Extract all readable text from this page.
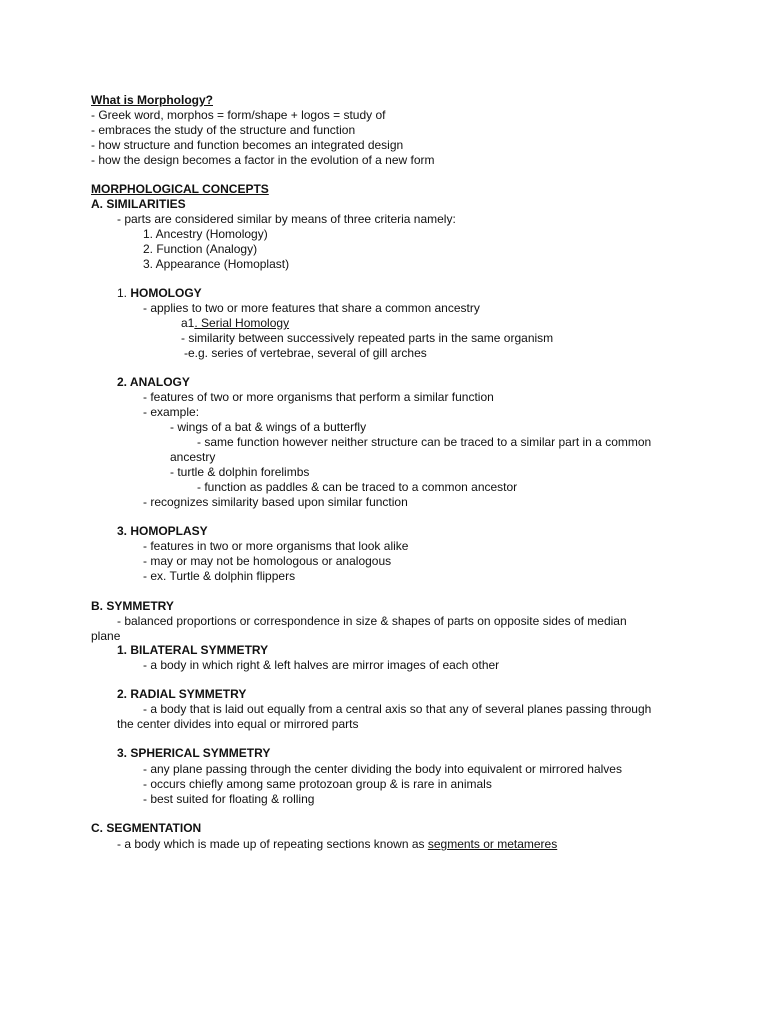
What is Morphology?
- Greek word, morphos = form/shape + logos = study of
- embraces the study of the structure and function
- how structure and function becomes an integrated design
- how the design becomes a factor in the evolution of a new form
MORPHOLOGICAL CONCEPTS
A. SIMILARITIES
- parts are considered similar by means of three criteria namely:
1. Ancestry (Homology)
2. Function (Analogy)
3. Appearance (Homoplast)
1. HOMOLOGY
- applies to two or more features that share a common ancestry
a1. Serial Homology
- similarity between successively repeated parts in the same organism
-e.g. series of vertebrae, several of gill arches
2. ANALOGY
- features of two or more organisms that perform a similar function
- example:
- wings of a bat & wings of a butterfly
- same function however neither structure can be traced to a similar part in a common
ancestry
- turtle & dolphin forelimbs
- function as paddles & can be traced to a common ancestor
- recognizes similarity based upon similar function
3. HOMOPLASY
- features in two or more organisms that look alike
- may or may not be homologous or analogous
- ex. Turtle & dolphin flippers
B. SYMMETRY
- balanced proportions or correspondence in size & shapes of parts on opposite sides of median
plane
1. BILATERAL SYMMETRY
- a body in which right & left halves are mirror images of each other
2. RADIAL SYMMETRY
- a body that is laid out equally from a central axis so that any of several planes passing through
the center divides into equal or mirrored parts
3. SPHERICAL SYMMETRY
- any plane passing through the center dividing the body into equivalent or mirrored halves
- occurs chiefly among same protozoan group & is rare in animals
- best suited for floating & rolling
C. SEGMENTATION
- a body which is made up of repeating sections known as segments or metameres
